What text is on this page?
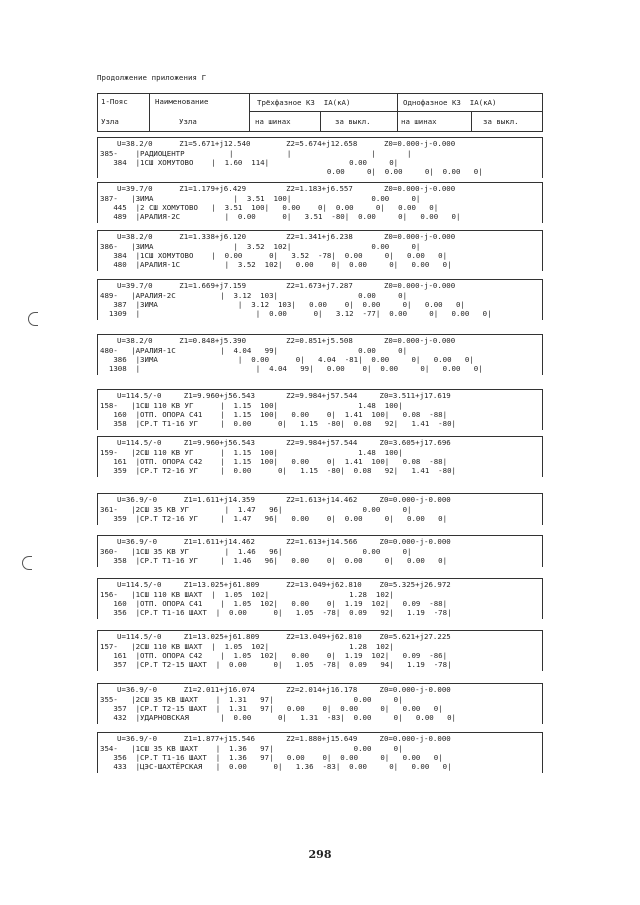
Продолжение приложения Г
1-Пояс
Узла
Наименование
Узла
Трёхфазное КЗ  IА(кА)
на шинах	за выкл.
Однофазное КЗ  IА(кА)
на шинах	за выкл.
U=38.2/0      Z1=5.671+j12.540        Z2=5.674+j12.658      Z0=0.000-j-0.000
385-    |РАДИОЦЕНТР          |            |                  |       |
384  |1СШ ХОМУТОВО    |  1.60  114|                  0.00     0|
0.00     0|  0.00     0|  0.00   0|
U=39.7/0      Z1=1.179+j6.429         Z2=1.183+j6.557       Z0=0.000-j-0.000
387-   |ЗИМА                  |  3.51  100|                  0.00     0|
445  |2 СШ ХОМУТОВО   |  3.51  100|   0.00    0|  0.00     0|   0.00   0|
489  |АРАЛИЯ-2С          |  0.00      0|   3.51  -80|  0.00     0|   0.00   0|
U=38.2/0      Z1=1.338+j6.120         Z2=1.341+j6.238       Z0=0.000-j-0.000
386-   |ЗИМА                  |  3.52  102|                  0.00     0|
384  |1СШ ХОМУТОВО    |  0.00      0|   3.52  -78|  0.00     0|   0.00   0|
480  |АРАЛИЯ-1С          |  3.52  102|   0.00    0|  0.00     0|   0.00   0|
U=39.7/0      Z1=1.669+j7.159         Z2=1.673+j7.287       Z0=0.000-j-0.000
489-   |АРАЛИЯ-2С          |  3.12  103|                  0.00     0|
387  |ЗИМА                  |  3.12  103|   0.00    0|  0.00     0|   0.00   0|
1309  |                          |  0.00      0|   3.12  -77|  0.00     0|   0.00   0|
U=38.2/0      Z1=0.848+j5.390         Z2=0.851+j5.508       Z0=0.000-j-0.000
480-   |АРАЛИЯ-1С          |  4.04   99|                  0.00     0|
386  |ЗИМА                  |  0.00      0|   4.04  -81|  0.00     0|   0.00   0|
1308  |                          |  4.04   99|   0.00    0|  0.00     0|   0.00   0|
U=114.5/-0     Z1=9.960+j56.543       Z2=9.984+j57.544     Z0=3.511+j17.619
158-   |1СШ 110 КВ УГ      |  1.15  100|                  1.48  100|
160  |ОТП. ОПОРА С41    |  1.15  100|   0.00    0|  1.41  100|   0.08  -88|
358  |СР.Т Т1-16 УГ     |  0.00      0|   1.15  -80|  0.08   92|   1.41  -80|
U=114.5/-0     Z1=9.960+j56.543       Z2=9.984+j57.544     Z0=3.605+j17.696
159-   |2СШ 110 КВ УГ      |  1.15  100|                  1.48  100|
161  |ОТП. ОПОРА С42    |  1.15  100|   0.00    0|  1.41  100|   0.08  -88|
359  |СР.Т Т2-16 УГ     |  0.00      0|   1.15  -80|  0.08   92|   1.41  -80|
U=36.9/-0      Z1=1.611+j14.359       Z2=1.613+j14.462     Z0=0.000-j-0.000
361-   |2СШ 35 КВ УГ        |  1.47   96|                  0.00     0|
359  |СР.Т Т2-16 УГ     |  1.47   96|   0.00    0|  0.00     0|   0.00   0|
U=36.9/-0      Z1=1.611+j14.462       Z2=1.613+j14.566     Z0=0.000-j-0.000
360-   |1СШ 35 КВ УГ        |  1.46   96|                  0.00     0|
358  |СР.Т Т1-16 УГ     |  1.46   96|   0.00    0|  0.00     0|   0.00   0|
U=114.5/-0     Z1=13.025+j61.809      Z2=13.049+j62.810    Z0=5.325+j26.972
156-   |1СШ 110 КВ ШАХТ  |  1.05  102|                  1.28  102|
160  |ОТП. ОПОРА С41    |  1.05  102|   0.00    0|  1.19  102|   0.09  -88|
356  |СР.Т Т1-16 ШАХТ  |  0.00      0|   1.05  -78|  0.09   92|   1.19  -78|
U=114.5/-0     Z1=13.025+j61.809      Z2=13.049+j62.810    Z0=5.621+j27.225
157-   |2СШ 110 КВ ШАХТ  |  1.05  102|                  1.28  102|
161  |ОТП. ОПОРА С42    |  1.05  102|   0.00    0|  1.19  102|   0.09  -86|
357  |СР.Т Т2-15 ШАХТ  |  0.00      0|   1.05  -78|  0.09   94|   1.19  -78|
U=36.9/-0      Z1=2.011+j16.074       Z2=2.014+j16.178     Z0=0.000-j-0.000
355-   |2СШ 35 КВ ШАХТ    |  1.31   97|                  0.00     0|
357  |СР.Т Т2-15 ШАХТ  |  1.31   97|   0.00    0|  0.00     0|   0.00   0|
432  |УДАРНОВСКАЯ       |  0.00      0|   1.31  -83|  0.00     0|   0.00   0|
U=36.9/-0      Z1=1.877+j15.546       Z2=1.880+j15.649     Z0=0.000-j-0.000
354-   |1СШ 35 КВ ШАХТ    |  1.36   97|                  0.00     0|
356  |СР.Т Т1-16 ШАХТ  |  1.36   97|   0.00    0|  0.00     0|   0.00   0|
433  |ЦЭС-ШАХТЁРСКАЯ   |  0.00      0|   1.36  -83|  0.00     0|   0.00   0|
298
